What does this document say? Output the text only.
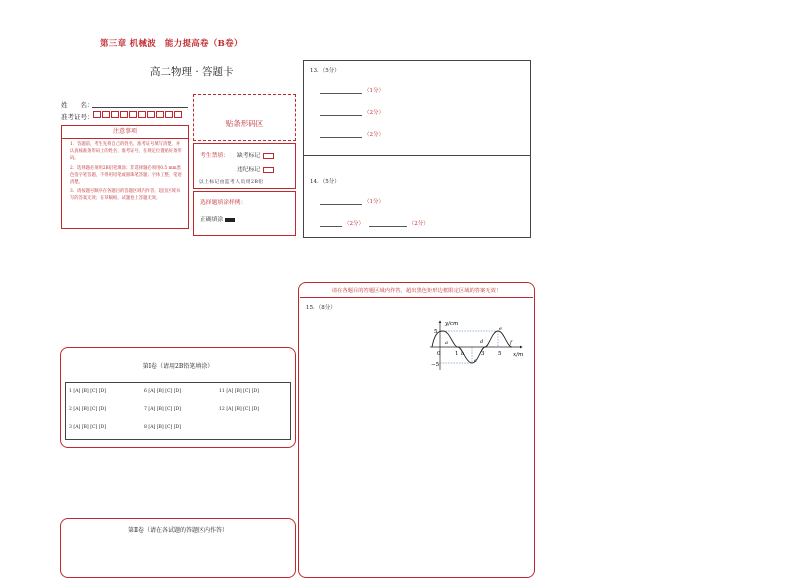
第三章 机械波　能力提高卷（B卷）
高二物理 · 答题卡
姓　　名：
准考证号：
注意事项

1．答题前，考生先将自己的姓名、准考证号填写清楚，并认真核准条形码上的姓名、准考证号，在规定位置贴好条形码。

2．选择题必须用2B铅笔填涂；非选择题必须用0.5 mm黑色签字笔答题，不得用铅笔或圆珠笔答题；字体工整、笔迹清楚。

3．请按题号顺序在各题目的答题区域内作答，超出区域书写的答案无效；在草稿纸、试题卷上答题无效。

贴条形码区
考生禁填： 缺考标记
违纪标记
以上标记由监考人员用2B铅
选择题填涂样例：
正确填涂
13．（5分）
（1分）
（2分）
（2分）
14．（5分）
（1分）
（2分）	（2分）
第Ⅰ卷（请用2B铅笔填涂）
1 [A] [B] [C] [D]	6 [A] [B] [C] [D]	11 [A] [B] [C] [D]
2 [A] [B] [C] [D]	7 [A] [B] [C] [D]	12 [A] [B] [C] [D]
3 [A] [B] [C] [D]	8 [A] [B] [C] [D]
第Ⅱ卷（请在各试题的答题区内作答）
请在各题目的答题区域内作答，超出黑色矩形边框限定区域的答案无效！
15．（8分）
y/cm
x/m
5
−5
0	1	3 5
a
b
c
d
e
f
